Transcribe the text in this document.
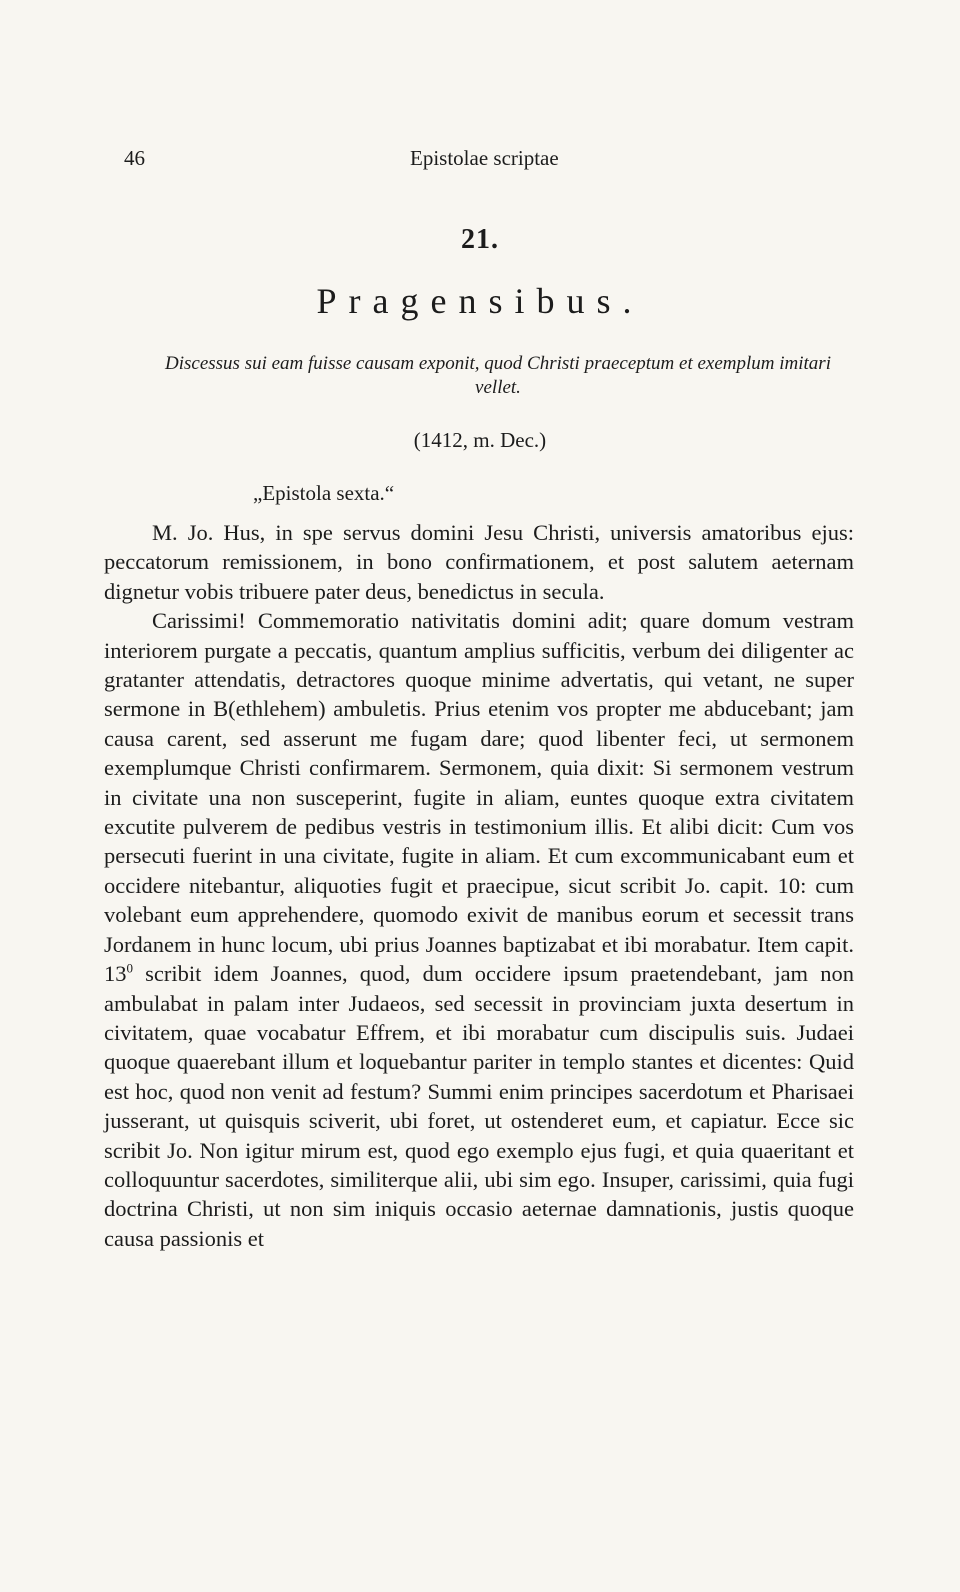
46	Epistolae scriptae
21.
Pragensibus.
Discessus sui eam fuisse causam exponit, quod Christi praeceptum et exemplum imitari vellet.
(1412, m. Dec.)
„Epistola sexta.“

M. Jo. Hus, in spe servus domini Jesu Christi, universis amatoribus ejus: peccatorum remissionem, in bono confirmationem, et post salutem aeternam dignetur vobis tribuere pater deus, benedictus in secula.

Carissimi! Commemoratio nativitatis domini adit; quare domum vestram interiorem purgate a peccatis, quantum amplius sufficitis, verbum dei diligenter ac gratanter attendatis, detractores quoque minime advertatis, qui vetant, ne super sermone in B(ethlehem) ambuletis. Prius etenim vos propter me abducebant; jam causa carent, sed asserunt me fugam dare; quod libenter feci, ut sermonem exemplumque Christi confirmarem. Sermonem, quia dixit: Si sermonem vestrum in civitate una non susceperint, fugite in aliam, euntes quoque extra civitatem excutite pulverem de pedibus vestris in testimonium illis. Et alibi dicit: Cum vos persecuti fuerint in una civitate, fugite in aliam. Et cum excommunicabant eum et occidere nitebantur, aliquoties fugit et praecipue, sicut scribit Jo. capit. 10: cum volebant eum apprehendere, quomodo exivit de manibus eorum et secessit trans Jordanem in hunc locum, ubi prius Joannes baptizabat et ibi morabatur. Item capit. $13^0$ scribit idem Joannes, quod, dum occidere ipsum praetendebant, jam non ambulabat in palam inter Judaeos, sed secessit in provinciam juxta desertum in civitatem, quae vocabatur Effrem, et ibi morabatur cum discipulis suis. Judaei quoque quaerebant illum et loquebantur pariter in templo stantes et dicentes: Quid est hoc, quod non venit ad festum? Summi enim principes sacerdotum et Pharisaei jusserant, ut quisquis sciverit, ubi foret, ut ostenderet eum, et capiatur. Ecce sic scribit Jo. Non igitur mirum est, quod ego exemplo ejus fugi, et quia quaeritant et colloquuntur sacerdotes, similiterque alii, ubi sim ego. Insuper, carissimi, quia fugi doctrina Christi, ut non sim iniquis occasio aeternae damnationis, justis quoque causa passionis et
